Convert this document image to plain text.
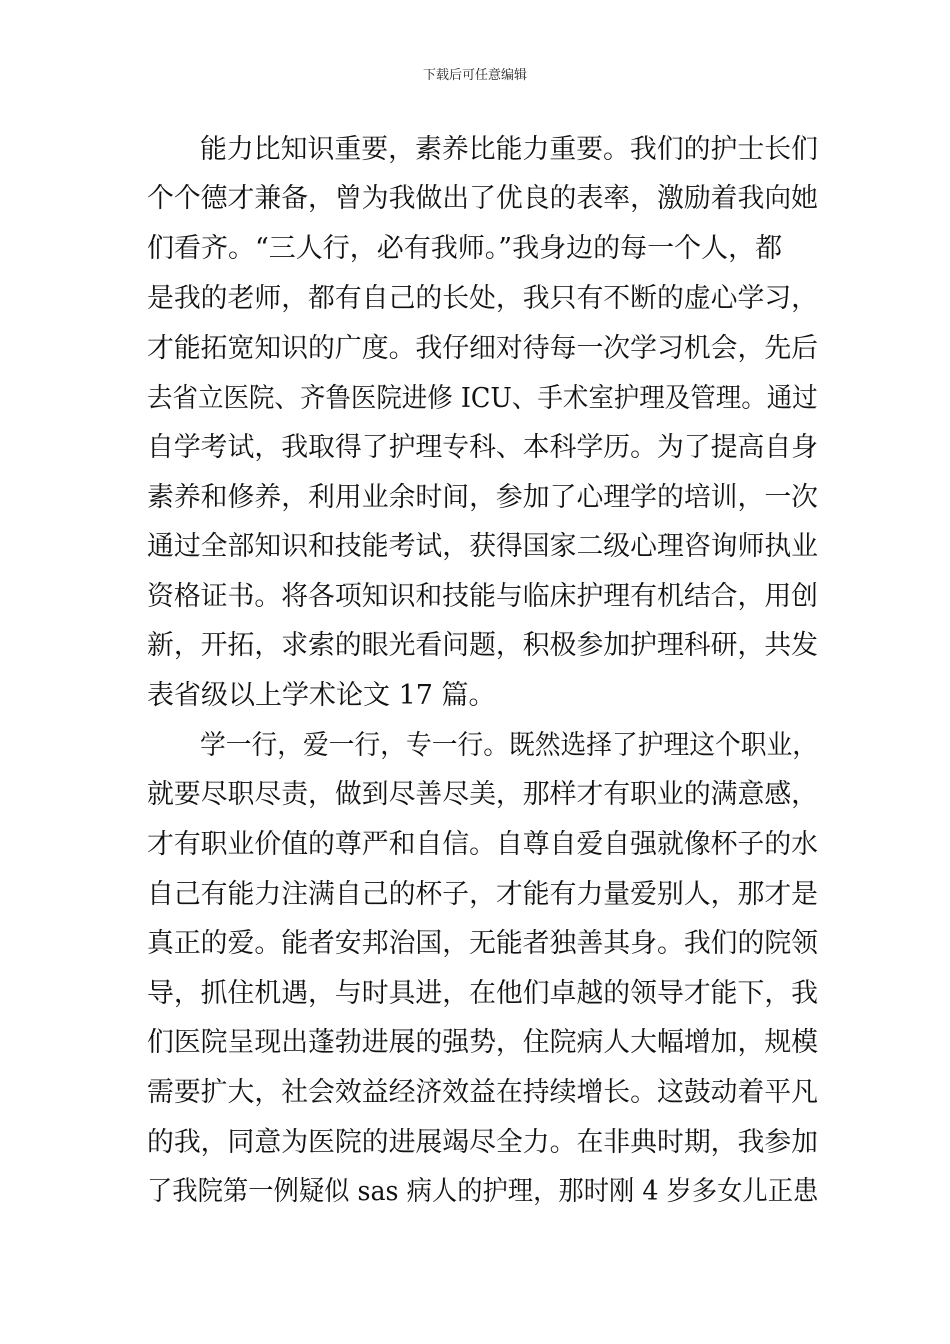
下载后可任意编辑
能力比知识重要，素养比能力重要。我们的护士长们
个个德才兼备，曾为我做出了优良的表率，激励着我向她
们看齐。“三人行，必有我师。”我身边的每一个人，都
是我的老师，都有自己的长处，我只有不断的虚心学习，
才能拓宽知识的广度。我仔细对待每一次学习机会，先后
去省立医院、齐鲁医院进修 ICU、手术室护理及管理。通过
自学考试，我取得了护理专科、本科学历。为了提高自身
素养和修养，利用业余时间，参加了心理学的培训，一次
通过全部知识和技能考试，获得国家二级心理咨询师执业
资格证书。将各项知识和技能与临床护理有机结合，用创
新，开拓，求索的眼光看问题，积极参加护理科研，共发
表省级以上学术论文 17 篇。
学一行，爱一行，专一行。既然选择了护理这个职业，
就要尽职尽责，做到尽善尽美，那样才有职业的满意感，
才有职业价值的尊严和自信。自尊自爱自强就像杯子的水
自己有能力注满自己的杯子，才能有力量爱别人，那才是
真正的爱。能者安邦治国，无能者独善其身。我们的院领
导，抓住机遇，与时具进，在他们卓越的领导才能下，我
们医院呈现出蓬勃进展的强势，住院病人大幅增加，规模
需要扩大，社会效益经济效益在持续增长。这鼓动着平凡
的我，同意为医院的进展竭尽全力。在非典时期，我参加
了我院第一例疑似 sas 病人的护理，那时刚 4 岁多女儿正患
